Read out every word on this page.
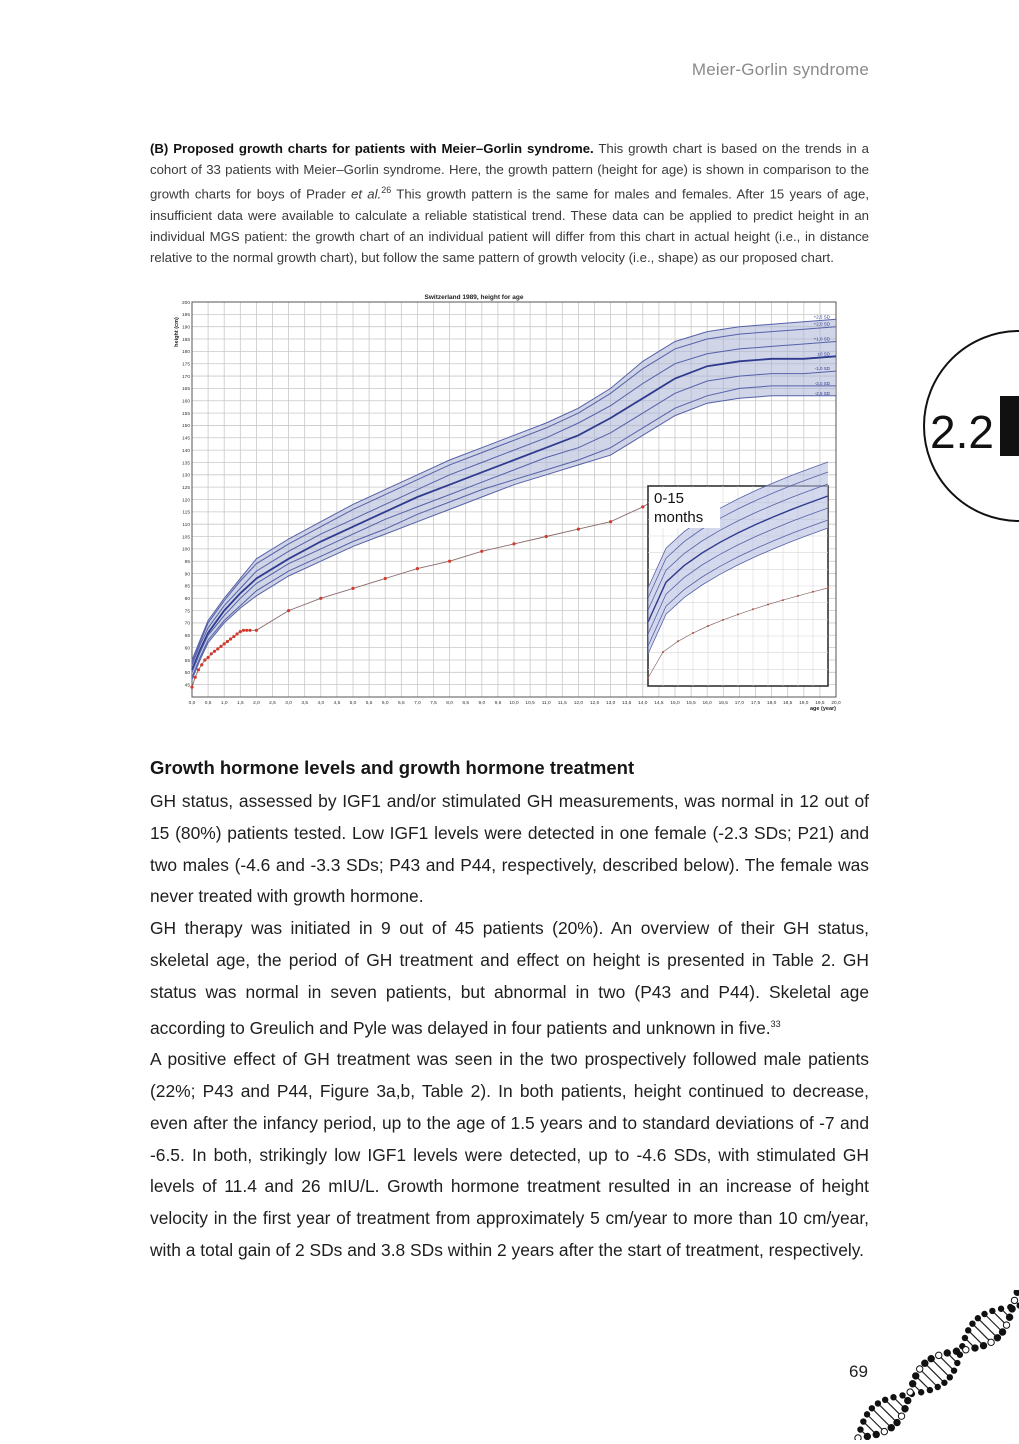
Meier-Gorlin syndrome
2.2
(B) Proposed growth charts for patients with Meier–Gorlin syndrome. This growth chart is based on the trends in a cohort of 33 patients with Meier–Gorlin syndrome. Here, the growth pattern (height for age) is shown in comparison to the growth charts for boys of Prader et al.$^{26}$ This growth pattern is the same for males and females. After 15 years of age, insufficient data were available to calculate a reliable statistical trend. These data can be applied to predict height in an individual MGS patient: the growth chart of an individual patient will differ from this chart in actual height (i.e., in distance relative to the normal growth chart), but follow the same pattern of growth velocity (i.e., shape) as our proposed chart.
Switzerland 1989, height for age
height (cm)
age (year)
0,0 0,5 1,0 1,5 2,0 2,5 3,0 3,5 4,0 4,5 5,0 5,5 6,0 6,5 7,0 7,5 8,0 8,5 9,0 9,5 10,0 10,5 11,0 11,5 12,0 12,5 13,0 13,5 14,0 14,5 15,0 15,5 16,0 16,5 17,0 17,5 18,0 18,5 19,0 19,5 20,0
45
50
55
60
65
70
75
80
85
90
95
100
105
110
115
120
125
130
135
140
145
150
155
160
165
170
175
180
185
190
195
200
+2,5 SD
+2,0 SD
+1,0 SD
±0 SD
-1,0 SD
-2,0 SD
-2,5 SD
0-15
months
Growth hormone levels and growth hormone treatment

GH status, assessed by IGF1 and/or stimulated GH measurements, was normal in 12 out of 15 (80%) patients tested. Low IGF1 levels were detected in one female (-2.3 SDs; P21) and two males (-4.6 and -3.3 SDs; P43 and P44, respectively, described below). The female was never treated with growth hormone.

GH therapy was initiated in 9 out of 45 patients (20%). An overview of their GH status, skeletal age, the period of GH treatment and effect on height is presented in Table 2. GH status was normal in seven patients, but abnormal in two (P43 and P44). Skeletal age according to Greulich and Pyle was delayed in four patients and unknown in five.$^{33}$

A positive effect of GH treatment was seen in the two prospectively followed male patients (22%; P43 and P44, Figure 3a,b, Table 2). In both patients, height continued to decrease, even after the infancy period, up to the age of 1.5 years and to standard deviations of -7 and -6.5. In both, strikingly low IGF1 levels were detected, up to -4.6 SDs, with stimulated GH levels of 11.4 and 26 mIU/L. Growth hormone treatment resulted in an increase of height velocity in the first year of treatment from approximately 5 cm/year to more than 10 cm/year, with a total gain of 2 SDs and 3.8 SDs within 2 years after the start of treatment, respectively.

69
